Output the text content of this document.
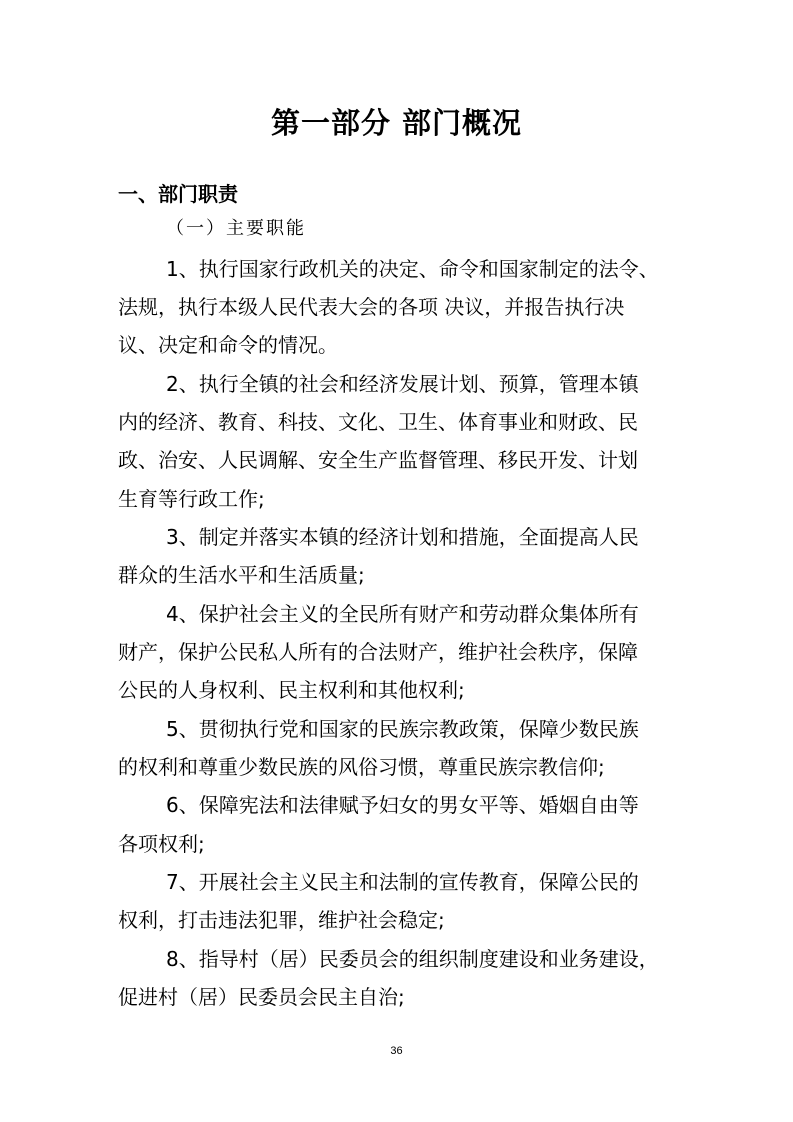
第一部分 部门概况
一、部门职责
（一）主要职能
1、执行国家行政机关的决定、命令和国家制定的法令、
法规，执行本级人民代表大会的各项 决议，并报告执行决
议、决定和命令的情况。
2、执行全镇的社会和经济发展计划、预算，管理本镇
内的经济、教育、科技、文化、卫生、体育事业和财政、民
政、治安、人民调解、安全生产监督管理、移民开发、计划
生育等行政工作;
3、制定并落实本镇的经济计划和措施，全面提高人民
群众的生活水平和生活质量;
4、保护社会主义的全民所有财产和劳动群众集体所有
财产，保护公民私人所有的合法财产，维护社会秩序，保障
公民的人身权利、民主权利和其他权利;
5、贯彻执行党和国家的民族宗教政策，保障少数民族
的权利和尊重少数民族的风俗习惯，尊重民族宗教信仰;
6、保障宪法和法律赋予妇女的男女平等、婚姻自由等
各项权利;
7、开展社会主义民主和法制的宣传教育，保障公民的
权利，打击违法犯罪，维护社会稳定;
8、指导村（居）民委员会的组织制度建设和业务建设，
促进村（居）民委员会民主自治;
36
